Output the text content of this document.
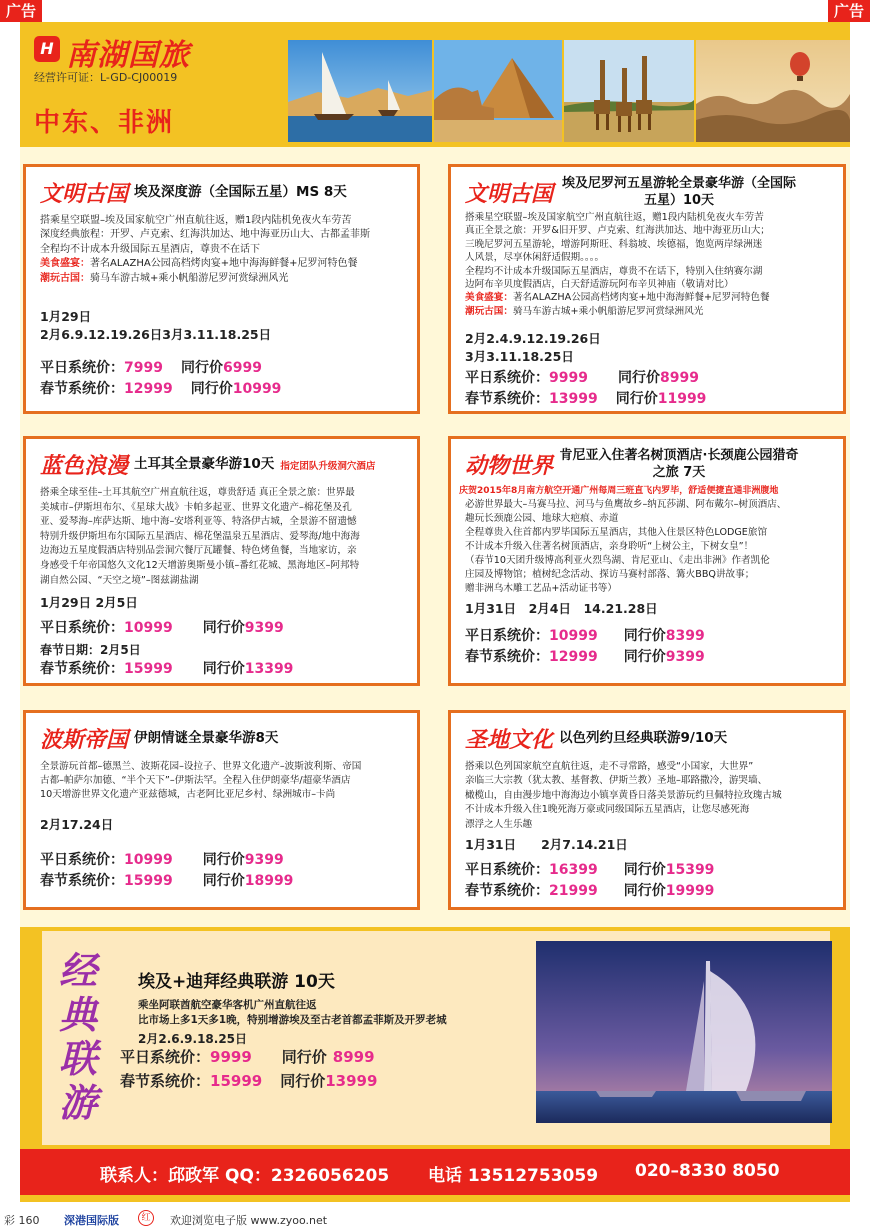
广告	广告
H 南湖国旅
经营许可证：L-GD-CJ00019
中东、非洲
文明古国 埃及深度游（全国际五星）MS 8天
搭乘星空联盟–埃及国家航空广州直航往返，赠1段内陆机免夜火车劳苦
深度经典旅程：开罗、卢克索、红海洪加达、地中海亚历山大、古都孟菲斯
全程均不计成本升级国际五星酒店，尊贵不在话下
美食盛宴：著名ALAZHA公园高档烤肉宴+地中海海鲜餐+尼罗河特色餐
潮玩古国：骑马车游古城+乘小帆船游尼罗河赏绿洲风光
1月29日
2月6.9.12.19.26日3月3.11.18.25日
平日系统价：7999 同行价6999
春节系统价：12999 同行价10999
文明古国 埃及尼罗河五星游轮全景豪华游（全国际五星）10天
搭乘星空联盟–埃及国家航空广州直航往返，赠1段内陆机免夜火车劳苦
真正全景之旅：开罗&旧开罗、卢克索、红海洪加达、地中海亚历山大；
三晚尼罗河五星游轮，增游阿斯旺、科翁坡、埃德福，饱览两岸绿洲迷
人风景，尽享休闲舒适假期。。。。
全程均不计成本升级国际五星酒店，尊贵不在话下，特别入住纳赛尔湖
边阿布辛贝度假酒店，白天舒适游玩阿布辛贝神庙（敬请对比）
美食盛宴：著名ALAZHA公园高档烤肉宴+地中海海鲜餐+尼罗河特色餐
潮玩古国：骑马车游古城+乘小帆船游尼罗河赏绿洲风光
2月2.4.9.12.19.26日
3月3.11.18.25日
平日系统价：9999 同行价8999
春节系统价：13999 同行价11999
蓝色浪漫 土耳其全景豪华游10天 指定团队升级洞穴酒店
搭乘全球至佳–土耳其航空广州直航往返，尊贵舒适 真正全景之旅：世界最
美城市–伊斯坦布尔、《星球大战》卡帕多起亚、世界文化遗产–棉花堡及孔
亚、爱琴海–库萨达斯、地中海–安塔利亚等、特洛伊古城，全景游不留遗憾
特别升级伊斯坦布尔国际五星酒店、棉花堡温泉五星酒店、爱琴海/地中海海
边海边五星度假酒店特别品尝洞穴餐厅瓦罐餐、特色烤鱼餐，当地家访，亲
身感受千年帝国悠久文化12天增游奥斯曼小镇–番红花城、黑海地区–阿邦特
湖自然公园、“天空之境”–图兹湖盐湖
1月29日 2月5日
平日系统价：10999 同行价9399
春节日期：2月5日
春节系统价：15999 同行价13399
动物世界 肯尼亚入住著名树顶酒店·长颈鹿公园猎奇之旅 7天
庆贺2015年8月南方航空开通广州每周三班直飞内罗毕，舒适便捷直通非洲腹地
必游世界最大–马赛马拉、河马与鱼鹰故乡–纳瓦莎湖、阿布戴尔–树顶酒店、
趣玩长颈鹿公园、地球大疤痕、赤道
全程尊贵入住首都内罗毕国际五星酒店，其他入住景区特色LODGE旅馆
不计成本升级入住著名树顶酒店，亲身聆听“上树公主，下树女皇”！
（春节10天团升级博高利亚火烈鸟湖、肯尼亚山、《走出非洲》作者凯伦
庄园及博物馆；植树纪念活动、探访马赛村部落、篝火BBQ讲故事；
赠非洲乌木雕工艺品+活动证书等）
1月31日　2月4日　14.21.28日
平日系统价：10999 同行价8399
春节系统价：12999 同行价9399
波斯帝国 伊朗情谜全景豪华游8天
全景游玩首都–德黑兰、波斯花园–设拉子、世界文化遗产–波斯波利斯、帝国
古都–帕萨尔加德、“半个天下”–伊斯法罕。全程入住伊朗豪华/超豪华酒店
10天增游世界文化遗产亚兹德城，古老阿比亚尼乡村、绿洲城市–卡尚
2月17.24日
平日系统价：10999 同行价9399
春节系统价：15999 同行价18999
圣地文化 以色列约旦经典联游9/10天
搭乘以色列国家航空直航往返，走不寻常路，感受“小国家，大世界”
亲临三大宗教（犹太教、基督教、伊斯兰教）圣地–耶路撒冷，游哭墙、
橄榄山，自由漫步地中海海边小镇享黄昏日落美景游玩约旦佩特拉玫瑰古城
不计成本升级入住1晚死海万豪或同级国际五星酒店，让您尽感死海
漂浮之人生乐趣
1月31日　　2月7.14.21日
平日系统价：16399 同行价15399
春节系统价：21999 同行价19999
经
典
联
游
埃及+迪拜经典联游 10天
乘坐阿联酋航空豪华客机广州直航往返
比市场上多1天多1晚，特别增游埃及至古老首都孟菲斯及开罗老城
2月2.6.9.18.25日
平日系统价：9999 同行价 8999
春节系统价：15999 同行价13999
联系人：邱政军 QQ：2326056205 电话 13512753059 020–8330 8050
彩 160 深港国际版	红	欢迎浏览电子版 www.zyoo.net
